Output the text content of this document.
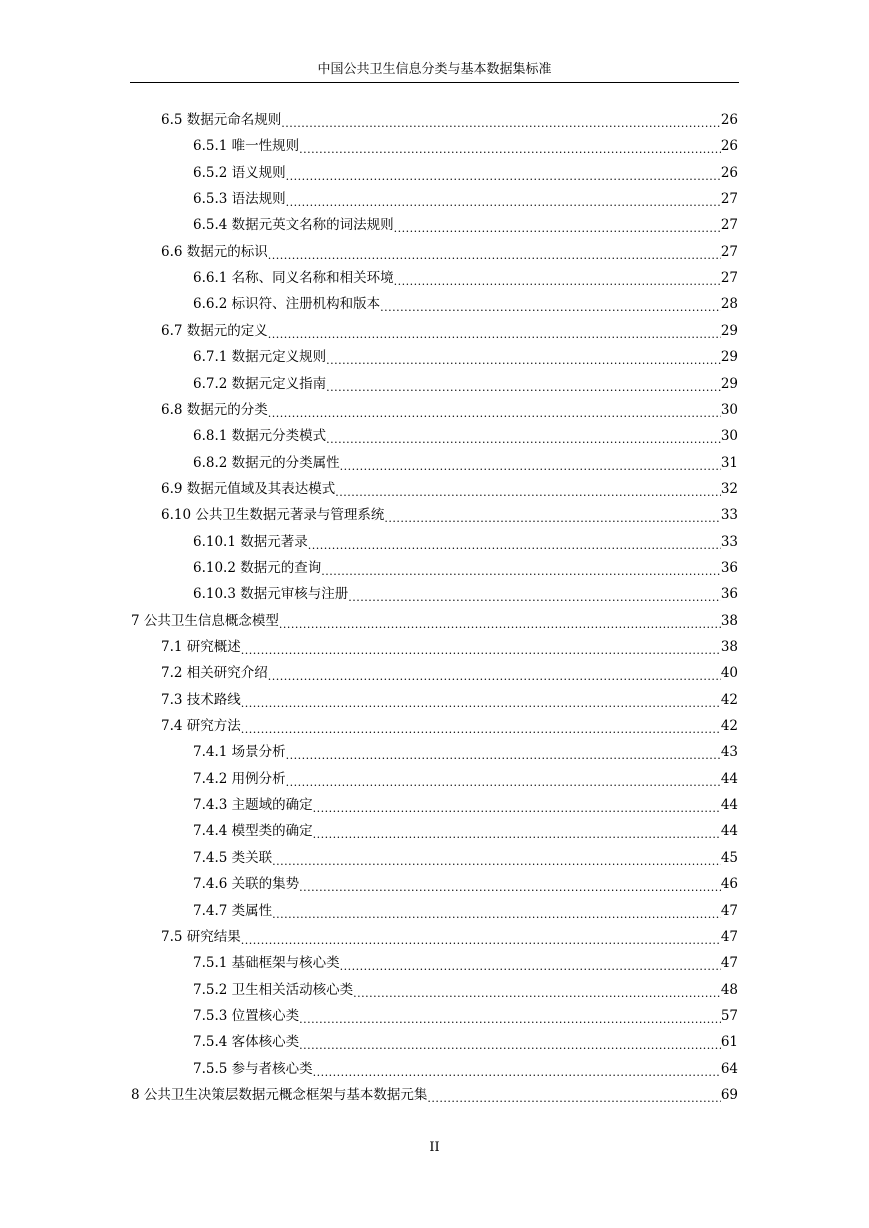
中国公共卫生信息分类与基本数据集标准
6.5 数据元命名规则 .....	26
6.5.1 唯一性规则 .....	26
6.5.2 语义规则 .....	26
6.5.3 语法规则 .....	27
6.5.4 数据元英文名称的词法规则 .....	27
6.6 数据元的标识 .....	27
6.6.1 名称、同义名称和相关环境 .....	27
6.6.2 标识符、注册机构和版本 .....	28
6.7 数据元的定义 .....	29
6.7.1 数据元定义规则 .....	29
6.7.2 数据元定义指南 .....	29
6.8 数据元的分类 .....	30
6.8.1 数据元分类模式 .....	30
6.8.2 数据元的分类属性 .....	31
6.9 数据元值域及其表达模式 .....	32
6.10 公共卫生数据元著录与管理系统 .....	33
6.10.1 数据元著录 .....	33
6.10.2 数据元的查询 .....	36
6.10.3 数据元审核与注册 .....	36
7 公共卫生信息概念模型 .....	38
7.1 研究概述 .....	38
7.2 相关研究介绍 .....	40
7.3 技术路线 .....	42
7.4 研究方法 .....	42
7.4.1 场景分析 .....	43
7.4.2 用例分析 .....	44
7.4.3 主题域的确定 .....	44
7.4.4 模型类的确定 .....	44
7.4.5 类关联 .....	45
7.4.6 关联的集势 .....	46
7.4.7 类属性 .....	47
7.5 研究结果 .....	47
7.5.1 基础框架与核心类 .....	47
7.5.2 卫生相关活动核心类 .....	48
7.5.3 位置核心类 .....	57
7.5.4 客体核心类 .....	61
7.5.5 参与者核心类 .....	64
8 公共卫生决策层数据元概念框架与基本数据元集 .....	69
II
